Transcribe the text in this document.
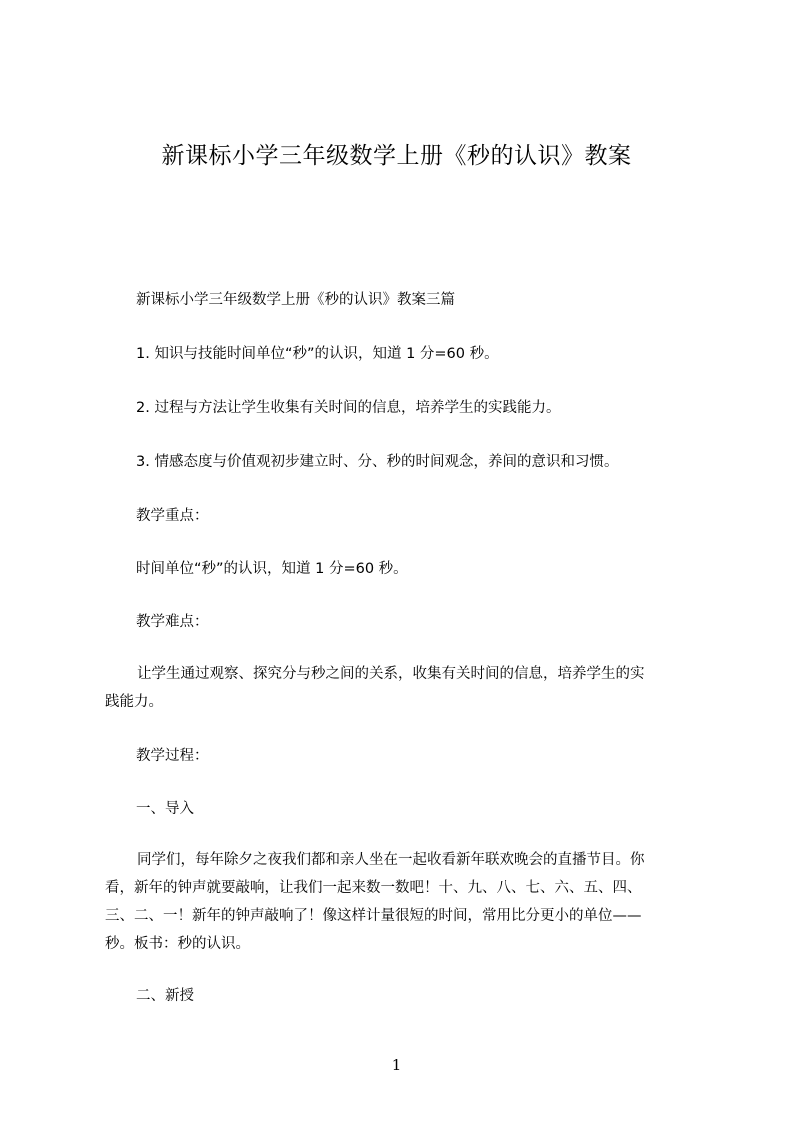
新课标小学三年级数学上册《秒的认识》教案
新课标小学三年级数学上册《秒的认识》教案三篇
1. 知识与技能时间单位“秒”的认识，知道 1 分=60 秒。
2. 过程与方法让学生收集有关时间的信息，培养学生的实践能力。
3. 情感态度与价值观初步建立时、分、秒的时间观念，养间的意识和习惯。
教学重点：
时间单位“秒”的认识，知道 1 分=60 秒。
教学难点：
让学生通过观察、探究分与秒之间的关系，收集有关时间的信息，培养学生的实
践能力。
教学过程：
一、导入
同学们，每年除夕之夜我们都和亲人坐在一起收看新年联欢晚会的直播节目。你
看，新年的钟声就要敲响，让我们一起来数一数吧！十、九、八、七、六、五、四、
三、二、一！新年的钟声敲响了！像这样计量很短的时间，常用比分更小的单位——
秒。板书：秒的认识。
二、新授
1
